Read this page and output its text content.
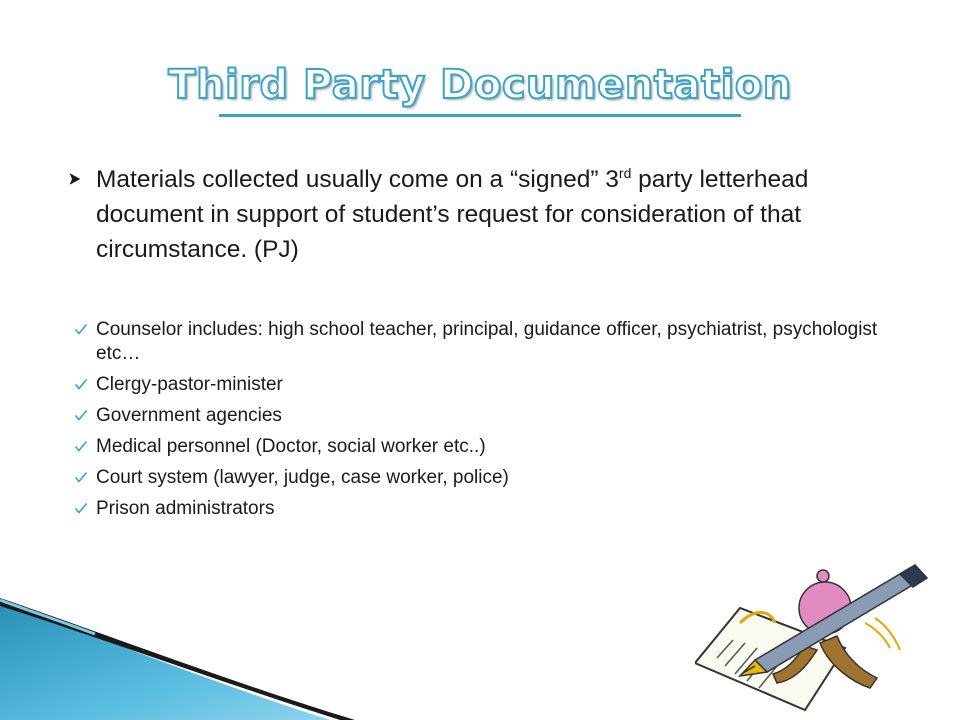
Third Party Documentation
Materials collected usually come on a “signed” 3rd party letterhead document in support of student’s request for consideration of that circumstance. (PJ)
Counselor includes: high school teacher, principal, guidance officer, psychiatrist, psychologist etc…
Clergy-pastor-minister
Government agencies
Medical personnel (Doctor, social worker etc..)
Court system (lawyer, judge, case worker, police)
Prison administrators
